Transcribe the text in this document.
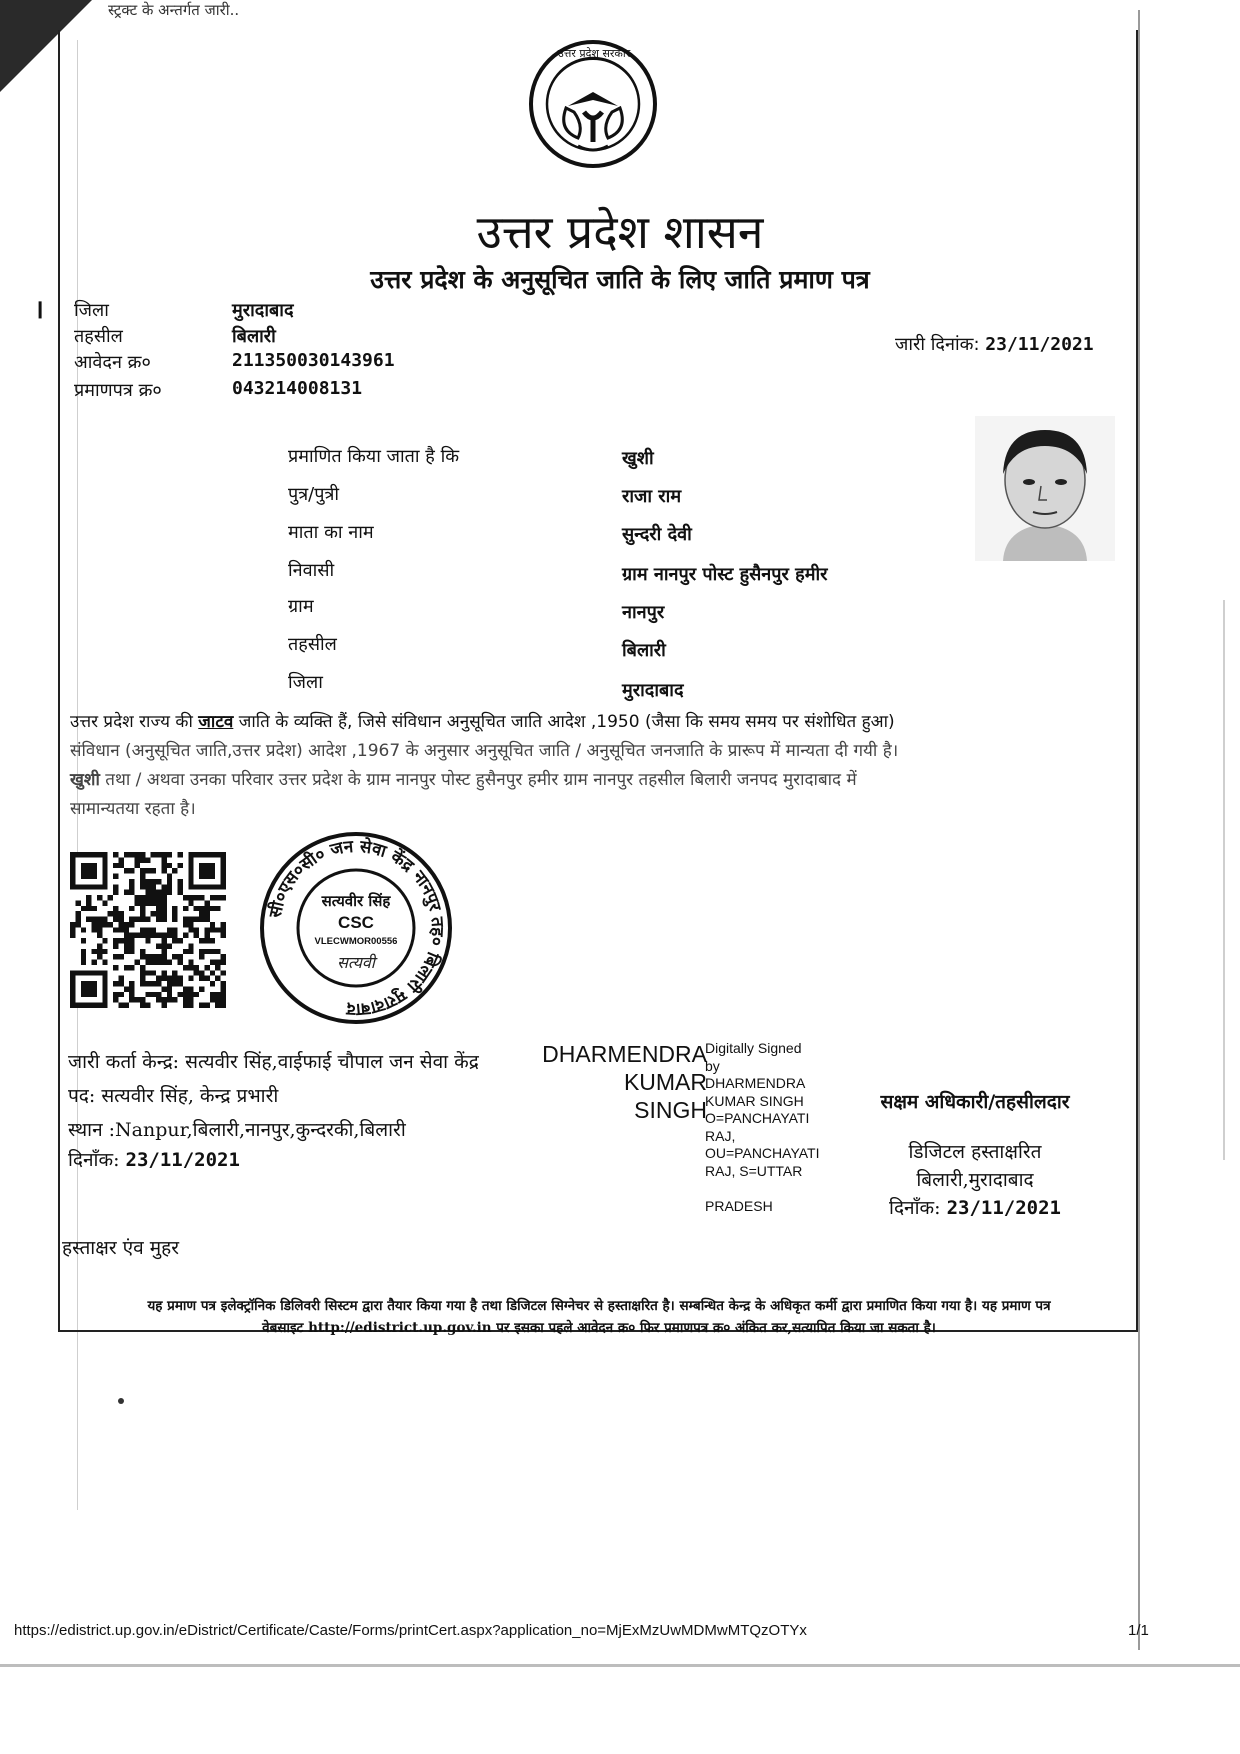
स्ट्रक्ट के अन्तर्गत जारी..
।
उत्तर प्रदेश सरकार
उत्तर प्रदेश शासन
उत्तर प्रदेश के अनुसूचित जाति के लिए जाति प्रमाण पत्र
जिला	मुरादाबाद
तहसील	बिलारी
आवेदन क्र०	211350030143961
प्रमाणपत्र क्र०	043214008131
जारी दिनांक: 23/11/2021
प्रमाणित किया जाता है कि	खुशी
पुत्र/पुत्री	राजा राम
माता का नाम	सुन्दरी देवी
निवासी	ग्राम नानपुर पोस्ट हुसैनपुर हमीर
ग्राम	नानपुर
तहसील	बिलारी
जिला	मुरादाबाद
उत्तर प्रदेश राज्य की जाटव जाति के व्यक्ति हैं, जिसे संविधान अनुसूचित जाति आदेश ,1950 (जैसा कि समय समय पर संशोधित हुआ)
संविधान (अनुसूचित जाति,उत्तर प्रदेश) आदेश ,1967 के अनुसार अनुसूचित जाति / अनुसूचित जनजाति के प्रारूप में मान्यता दी गयी है।
खुशी तथा / अथवा उनका परिवार उत्तर प्रदेश के ग्राम नानपुर पोस्ट हुसैनपुर हमीर ग्राम नानपुर तहसील बिलारी जनपद मुरादाबाद में
सामान्यतया रहता है।
सी०एस०सी० जन सेवा केंद्र नानपुर तह० बिलारी मुरादाबाद
सत्यवीर सिंह
CSC
VLECWMOR00556
सत्यवी
जारी कर्ता केन्द्र: सत्यवीर सिंह,वाईफाई चौपाल जन सेवा केंद्र
पद: सत्यवीर सिंह, केन्द्र प्रभारी
स्थान :Nanpur,बिलारी,नानपुर,कुन्दरकी,बिलारी
दिनाँक: 23/11/2021
DHARMENDRA
KUMAR
SINGH
Digitally Signed
by
DHARMENDRA
KUMAR SINGH
O=PANCHAYATI
RAJ,
OU=PANCHAYATI
RAJ, S=UTTAR
PRADESH
सक्षम अधिकारी/तहसीलदार
डिजिटल हस्ताक्षरित
बिलारी,मुरादाबाद
दिनाँक: 23/11/2021
हस्ताक्षर एंव मुहर
यह प्रमाण पत्र इलेक्ट्रॉनिक डिलिवरी सिस्टम द्वारा तैयार किया गया है तथा डिजिटल सिग्नेचर से हस्ताक्षरित है। सम्बन्धित केन्द्र के अधिकृत कर्मी द्वारा प्रमाणित किया गया है। यह प्रमाण पत्र
वेबसाइट http://edistrict.up.gov.in पर इसका पहले आवेदन क्र० फिर प्रमाणपत्र क्र० अंकित कर,सत्यापित किया जा सकता है।
https://edistrict.up.gov.in/eDistrict/Certificate/Caste/Forms/printCert.aspx?application_no=MjExMzUwMDMwMTQzOTYx	1/1
